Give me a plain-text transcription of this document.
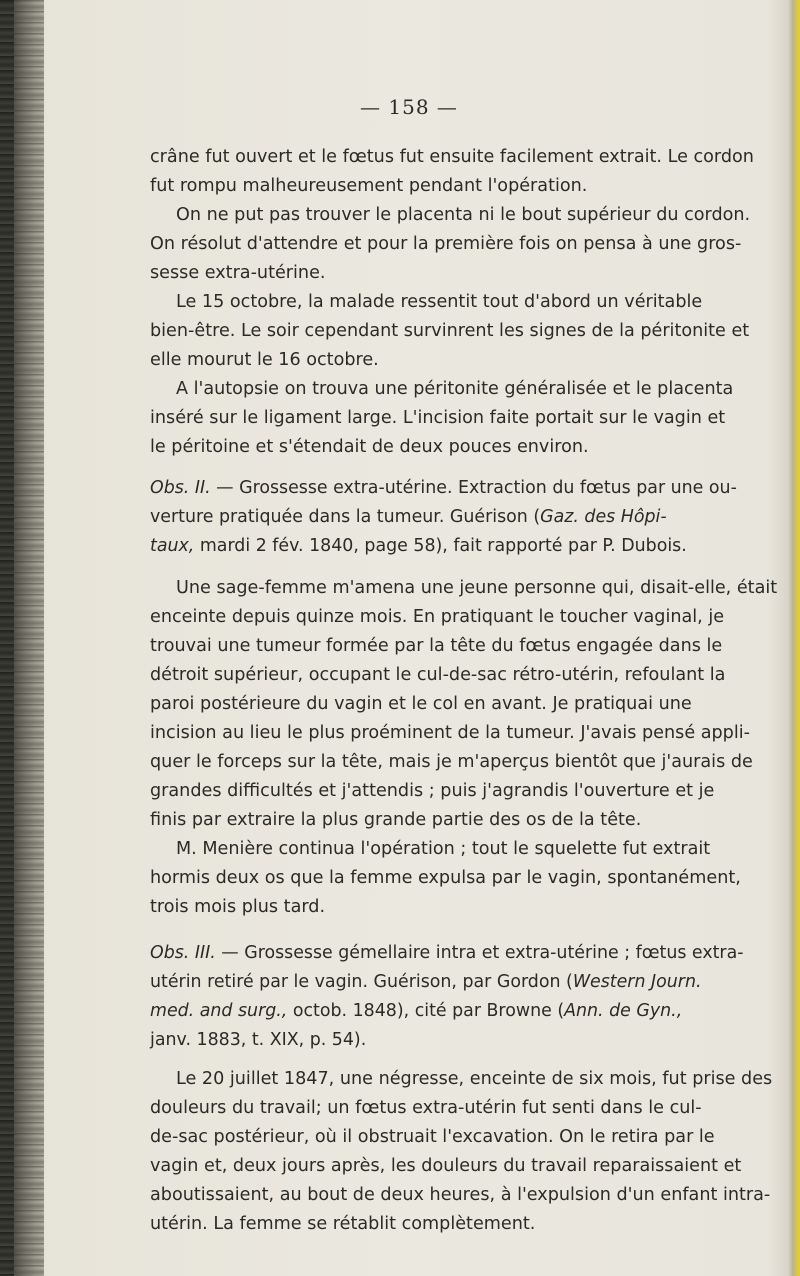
— 158 —
crâne fut ouvert et le fœtus fut ensuite facilement extrait. Le cordon
fut rompu malheureusement pendant l'opération.
On ne put pas trouver le placenta ni le bout supérieur du cordon.
On résolut d'attendre et pour la première fois on pensa à une gros-
sesse extra-utérine.
Le 15 octobre, la malade ressentit tout d'abord un véritable
bien-être. Le soir cependant survinrent les signes de la péritonite et
elle mourut le 16 octobre.
A l'autopsie on trouva une péritonite généralisée et le placenta
inséré sur le ligament large. L'incision faite portait sur le vagin et
le péritoine et s'étendait de deux pouces environ.
Obs. II. — Grossesse extra-utérine. Extraction du fœtus par une ou-
verture pratiquée dans la tumeur. Guérison (Gaz. des Hôpi-
taux, mardi 2 fév. 1840, page 58), fait rapporté par P. Dubois.
Une sage-femme m'amena une jeune personne qui, disait-elle, était
enceinte depuis quinze mois. En pratiquant le toucher vaginal, je
trouvai une tumeur formée par la tête du fœtus engagée dans le
détroit supérieur, occupant le cul-de-sac rétro-utérin, refoulant la
paroi postérieure du vagin et le col en avant. Je pratiquai une
incision au lieu le plus proéminent de la tumeur. J'avais pensé appli-
quer le forceps sur la tête, mais je m'aperçus bientôt que j'aurais de
grandes difficultés et j'attendis ; puis j'agrandis l'ouverture et je
finis par extraire la plus grande partie des os de la tête.
M. Menière continua l'opération ; tout le squelette fut extrait
hormis deux os que la femme expulsa par le vagin, spontanément,
trois mois plus tard.
Obs. III. — Grossesse gémellaire intra et extra-utérine ; fœtus extra-
utérin retiré par le vagin. Guérison, par Gordon (Western Journ.
med. and surg., octob. 1848), cité par Browne (Ann. de Gyn.,
janv. 1883, t. XIX, p. 54).
Le 20 juillet 1847, une négresse, enceinte de six mois, fut prise des
douleurs du travail; un fœtus extra-utérin fut senti dans le cul-
de-sac postérieur, où il obstruait l'excavation. On le retira par le
vagin et, deux jours après, les douleurs du travail reparaissaient et
aboutissaient, au bout de deux heures, à l'expulsion d'un enfant intra-
utérin. La femme se rétablit complètement.
